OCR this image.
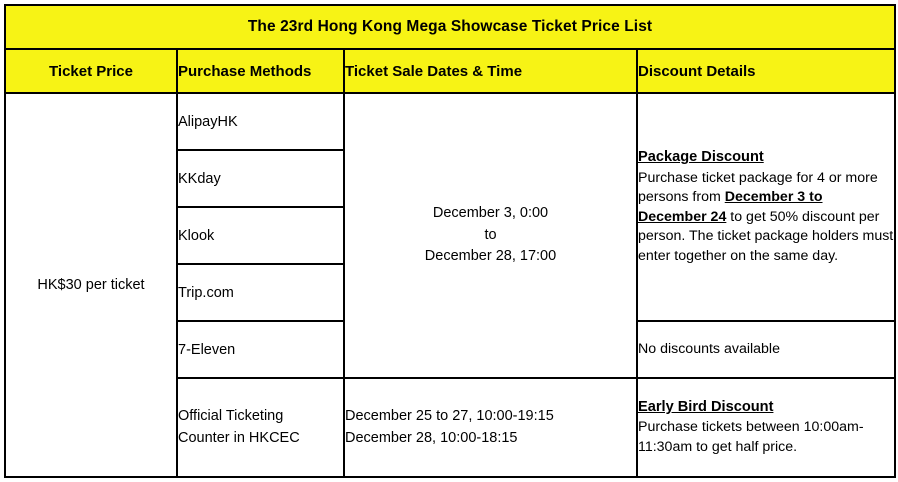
The 23rd Hong Kong Mega Showcase Ticket Price List			
Ticket Price	Purchase Methods	Ticket Sale Dates & Time	Discount Details
HK$30 per ticket	AlipayHK	December 3, 0:00
to
December 28, 17:00	Package Discount
Purchase ticket package for 4 or more persons from December 3 to December 24 to get 50% discount per person. The ticket package holders must enter together on the same day.
	KKday		
	Klook		
	Trip.com		
	7-Eleven		No discounts available

	Official Ticketing
Counter in HKCEC	December 25 to 27, 10:00-19:15
December 28, 10:00-18:15	Early Bird Discount
Purchase tickets between 10:00am-11:30am to get half price.
